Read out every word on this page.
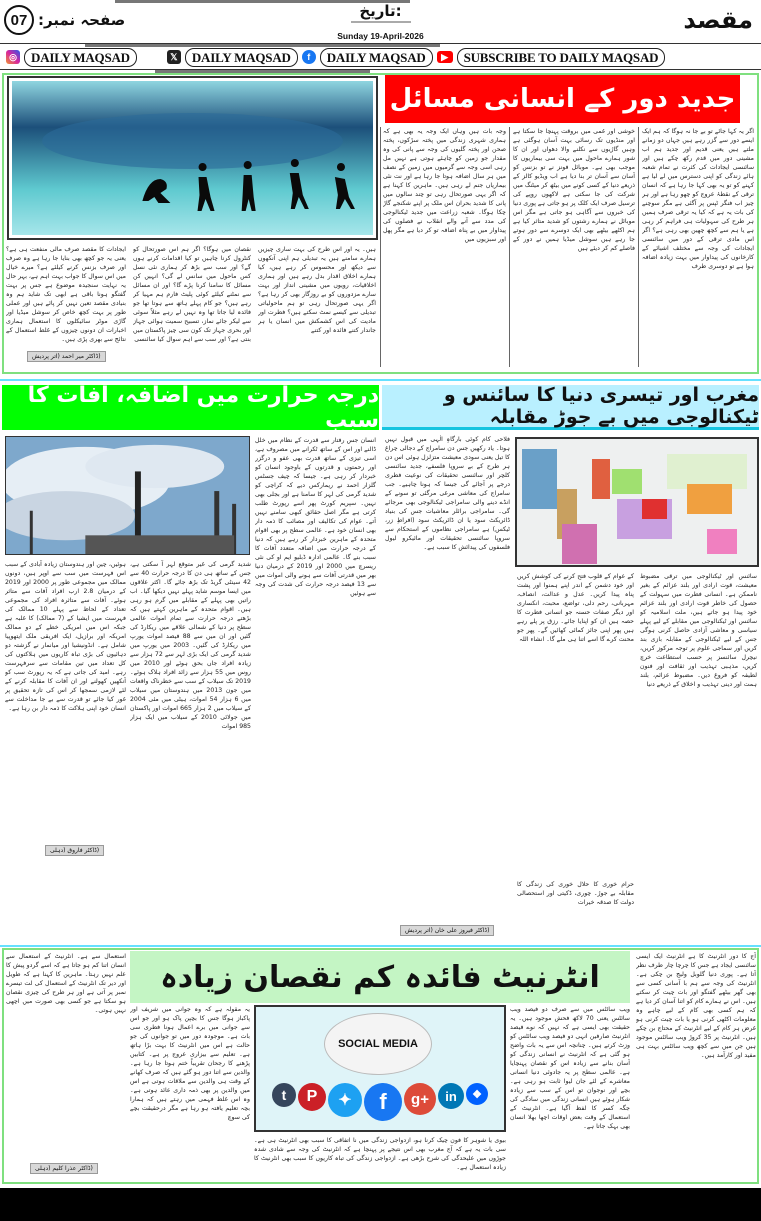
صفحہ نمبر:
07	تاریخ:
Sunday 19-April-2026
مقصد
◎	DAILY MAQSAD	𝕏	DAILY MAQSAD	f	DAILY MAQSAD	▶	SUBSCRIBE TO DAILY MAQSAD
جدید دور کے انسانی مسائل
اگر یہ کہا جائے تو بے جا نہ ہوگا کہ ہم ایک ایسے دور سے گزر رہے ہیں جہاں دو زمانے ملتے ہیں یعنی قدیم اور جدید ہم اب مشینی دور میں قدم رکھ چکے ہیں اور سائنسی ایجادات کی کثرت نے تمام شعبہ ہائے زندگی کو اپنی دسترس میں لے لیا ہے کہنے کو تو یہ بھی کہا جا رہا ہے کہ انسان ترقی کے نقطۂ عروج کو چھو رہا ہے اور ہر چیز اب فنگر ٹپس پر آگئی ہے مگر سوچنے کی بات یہ ہے کہ کیا یہ ترقی صرف ہمیں ہر طرح کی سہولیات ہی فراہم کر رہی ہے یا ہم سے کچھ چھین بھی رہی ہے؟ اگر اس مادی ترقی کے دور میں سائنسی ایجادات کی وجہ سے مختلف اشیائے کے کارخانوں کی پیداوار میں بہت زیادہ اضافہ ہوا ہے تو دوسری طرف
خوشی اور غمی میں بروقت پہنچا جا سکتا ہے اور منڈیوں تک رسائی بہت آسان ہوگئی ہے وہیں گاڑیوں سے نکلنے والا دھواں اور ان کا شور ہمارے ماحول میں بہت سی بیماریوں کا موجب بھی ہے۔ موبائل فونز نے تو بزنس کو آسان سے آسان تر بنا دیا ہے اب ویڈیو کالز کے ذریعے دنیا کے کسی کونے میں بیٹھ کر میٹنگ میں شرکت کی جا سکتی ہے لاکھوں روپے کی ترسیل صرف ایک کلک پر ہو جاتی ہے پوری دنیا کی خبروں سے آگاہی ہو جاتی ہے مگر اس موبائل نے ہمارے رشتوں کو شدید متاثر کیا ہے ہم اکٹھے بیٹھے بھی ایک دوسرے سے دور ہوتے جا رہے ہیں سوشل میڈیا ہمیں نے دور کے فاصلے کم کر دیئے ہیں
وجہ بات ہیں وہاں ایک وجہ یہ بھی ہے کہ ہماری شہری زندگی میں پختہ سڑکوں، پختہ صحن اور پختہ گلیوں کی وجہ سے پانی کی وہ مقدار جو زمین کو چاہئے ہوتی ہے نہیں مل رہی اسی وجہ سے گرمیوں میں زمین کے نصف میں ہر سال اضافہ ہوتا جا رہا ہے اور نت نئی بیماریاں جنم لے رہی ہیں۔ ماہرین کا کہنا ہے کہ اگر یہی صورتحال رہی تو چند سالوں میں پانی کا شدید بحران اس ملک پر اپنے شکنجے گاڑ چکا ہوگا۔ شعبہ زراعت میں جدید ٹیکنالوجی کی مدد سے آنے والے انقلاب نے فصلوں کی پیداوار میں بے پناہ اضافہ تو کر دیا ہے مگر پھل اور سبزیوں میں
ہیں۔ یہ اور اس طرح کی بہت ساری چیزیں ہمارے سامنے ہیں یہ تبدیلی ہم اپنی آنکھوں سے دیکھ اور محسوس کر رہے ہیں، کیا ہمارے اخلاق اقدار بدل رہے ہیں اور ہماری اخلاقیات، رویوں میں مشینی انداز اور بہت سارے مزدوروں کو بے روزگار بھی کر رہا ہے؟ اگر یہی صورتحال رہی تو ہم ماحولیاتی تبدیلی سے کیسے نمٹ سکتے ہیں؟ فطرت اور مادیت کی اس کشمکش میں انسان یا ہر جاندار کتنے فائدہ اور کتنے
نقصان میں ہوگا؟ اگر ہم اس صورتحال کو کنٹرول کرنا چاہیں تو کیا اقدامات کرنے ہوں گے؟ اور سب سے بڑھ کر ہماری نئی نسل کس ماحول میں سانس لے گی؟ انہیں کن مسائل کا سامنا کرنا پڑے گا؟ اور ان مسائل سے نمٹنے کیلئے کوئی پلیٹ فارم ہم مہیا کر رہے ہیں؟ جو کام پہلے ہاتھ سے ہوتا تھا جو فائدہ لیا جاتا تھا وہ نہیں لے رہے مثلاً سوئی سے لیکر جائے نماز، تسبیح سمیت ہوائی جہاز اور بحری جہاز تک کون سی چیز پاکستان میں بنتی ہے؟ اور سب سے اہم سوال کیا سائنسی
ایجادات کا مقصد صرف مالی منفعت ہی ہے؟ یعنی یہ جو کچھ بھی بنایا جا رہا ہے وہ صرف اور صرف بزنس کرنے کیلئے ہے؟ میرے خیال میں اس سوال کا جواب بہت اہم ہے، بہر حال یہ نہایت سنجیدہ موضوع ہے جس پر بہت گفتگو ہونا باقی ہے ابھی تک شاید ہم وہ بنیادی مقصد تعین نہیں کر پائے ہیں اور عملی طور پر بہت کچھ خاص کر سوشل میڈیا اور گاڑی موٹر سائیکلوں کا استعمال ہماری اخبارات ان دونوں چیزوں کے غلط استعمال کے نتائج سے بھری پڑی ہیں۔
(ڈاکٹر میر احمد (اتر پردیش
مغرب اور تیسری دنیا کا سائنس و ٹیکنالوجی میں بے جوڑ مقابلہ
درجہ حرارت میں اضافہ، آفات کا سبب
انسان جس رفتار سے قدرت کے نظام میں خلل ڈالنے اور اس کے ساتھ ٹکرانے میں مصروف ہے، اسی تیزی کے ساتھ قدرت بھی عفو و درگزر اور رحمتوں و قدرتوں کے باوجود انسان کو خبردار کر رہی ہے۔ جیسا کہ چیف جسٹس گلزار احمد نے ریمارکس دیے کہ کراچی کو شدید گرمی کی لہر کا سامنا ہے اور بجلی بھی نہیں۔ سپریم کورٹ پھر اسے رپورٹ طلب کرتی ہے مگر اصل حقائق کبھی سامنے نہیں آتے۔ عوام کی تکالیف اور مصائب کا ذمہ دار بھی انسان خود ہے۔ عالمی سطح پر بھی اقوام متحدہ کے ماہرین خبردار کر رہے ہیں کہ دنیا کے درجہ حرارت میں اضافہ متعدد آفات کا سبب بنے گا۔ عالمی ادارہ ڈبلیو ایم او کی نئی ریسرچ میں 2000 اور 2019 کے درمیان دنیا بھر میں قدرتی آفات سے ہونے والی اموات میں سے 13 فیصد درجہ حرارت کی شدت کی وجہ سے ہوئیں
شدید گرمی کی غیر متوقع لہر آ سکتی ہے، جس کے ساتھ ہی دن کا درجہ حرارت 40 سے 42 سینٹی گریڈ تک بڑھ جائے گا۔ اکثر علاقوں میں ایسا موسم شاید پہلے نہیں دیکھا گیا۔ اب راتیں بھی پہلے کے مقابلے میں گرم ہو رہی ہیں۔ اقوام متحدہ کے ماہرین کہتے ہیں کہ بڑھتے درجہ حرارت سے تمام اموات عالمی سطح پر دنیا کے شمالی علاقے میں ریکارڈ کی گئیں اور ان میں سے 88 فیصد اموات یورپ میں ریکارڈ کی گئیں۔ 2003 میں یورپ میں شدید گرمی کی ایک بڑی لہر سے 72 ہزار سے زیادہ افراد جاں بحق ہوئے اور 2010 میں روس میں 55 ہزار سے زائد افراد ہلاک ہوئے۔ 2019 تک سیلاب کے سب سے خطرناک واقعات میں جون 2013 میں ہندوستان میں سیلاب میں 6 ہزار 54 اموات، ہیٹی میں مئی 2004 کے سیلاب میں 2 ہزار 665 اموات اور پاکستان میں جولائی 2010 کے سیلاب میں ایک ہزار 985 اموات
ہوئیں، چین اور ہندوستان زیادہ آبادی کے سبب اس فہرست میں سب سے اوپر ہیں، دونوں ممالک میں مجموعی طور پر 2000 اور 2019 کے درمیان 2.8 ارب افراد آفات سے متاثر ہوئے۔ آفات سے متاثرہ افراد کی مجموعی تعداد کے لحاظ سے پہلے 10 ممالک کی فہرست میں ایشیا کے (7 ممالک) کا غلبہ ہے جبکہ اس میں امریکی خطے کے دو ممالک امریکہ اور برازیل، ایک افریقی ملک ایتھوپیا شامل ہے۔ انڈونیشیا اور میانمار نے گزشتہ دو دہائیوں کی بڑی تباہ کاریوں میں ہلاکتوں کی کل تعداد میں تین مقامات سے سرفہرست رہے۔ امید کی جاتی ہے کہ یہ رپورٹ سب کو آنکھیں کھولنے اور ان آفات کا مقابلہ کرنے کے لئے لازمی سمجھا کر اس کی تازہ تحقیق پر غور کیا جائے تو قدرت سے بے جا مداخلت سے انسان خود اپنی ہلاکت کا ذمہ دار بن رہا ہے۔
(ڈاکٹر فاروق (دہلی
فلاحی کام کوئی بارگاہِ الٰہی میں قبول نہیں ہوتا۔ یاد رکھیں جس دن سامراج کے دجالی چراغ کا تیل یعنی سودی معیشت متزلزل ہوئی اس دن ہر طرح کے بے سروپا فلسفے، جدید سائنسی کلچر اور سائنسی تحقیقات کی نوعیت فطری درجے پر آجائے گی جیسا کہ ہونا چاہیے۔ جب سامراج کی معاشی مرغی مرگئی تو سونے کے انڈے دینے والی سامراجی ٹیکنالوجی بھی مرجائے گی۔ سامراجی برائلر معاشیات جس کی بنیاد ڈائریکٹ سود یا ان ڈائریکٹ سود (افراطِ زر، ٹیکس) ہے سامراجی نظاموں کے استحکام سے سروپا سائنسی تحقیقات اور مائیکرو لیول فلسفوں کی پیدائش کا سبب ہے۔
سائنس اور ٹیکنالوجی میں ترقی مضبوط معیشت، قوت ارادی اور بلند عزائم کے بغیر ناممکن ہے۔ انسانی فطرت میں سہولت کے حصول کی خاطر قوت ارادی اور بلند عزائم خود پیدا ہو جاتے ہیں، ملت اسلامیہ کو سائنس اور ٹیکنالوجی میں مقابلے کے لیے پہلے سیاسی و معاشی آزادی حاصل کرنی ہوگی جس کے لیے ٹیکنالوجی کے مقابلہ بازی بند کریں اور سماجی علوم پر توجہ مرکوز کریں، نیچرل سائنسز پر حسب استطاعت خرچ کریں، مذہبی تہذیب اور ثقافت اور فنون لطیفہ کو فروغ دیں۔ مضبوط عزائم، بلند ہمت اور دینی تہذیب و اخلاق کے ذریعے دنیا
کے عوام کے قلوب فتح کرنے کی کوشش کریں اور خود دشمن کے اندر اپنے ہمنوا اور پشت پناہ پیدا کریں۔ عدل و عدالت، انصاف، مہربانی، رحم دلی، تواضع، محبت، انکساری اور دیگر صفات حسنہ جو انسانی فطرت کا حصہ ہیں ان کو اپنایا جائے۔ رزق پر پلے رہے ہیں پھر اپنی جائز کمائی کھائیں گے۔ پھر جو محنت کرے گا اسے اتنا ہی ملے گا۔ انشاء اللہ
حرام خوری کا حلال خوری کی زندگی کا مقابلہ بے جوڑ۔ چوری، ڈکیتی اور استحصالی دولت کا صدقہ خیرات
(ڈاکٹر فیروز علی خان (اتر پردیش
انٹرنیٹ فائدہ کم نقصان زیادہ
SOCIAL MEDIA
t	P	✦	f	g+	in	❖
آج کا دور انٹرنیٹ کا ہے انٹرنیٹ ایک ایسی سائنسی ایجاد ہے جس کا چرچا چار طرف نظر آتا ہے۔ پوری دنیا گلوبل ولیج بن چکی ہے۔ انٹرنیٹ کی وجہ سے ہم با آسانی کسی سے بھی گھر بیٹھے گفتگو اور بات چیت کر سکتے ہیں۔ اس نے ہمارے کام کو اتنا آسان کر دیا ہے کہ ہم کسی بھی کام کے لیے چاہے وہ معلومات اکٹھی کرنی ہو یا بات چیت کرنی ہو غرض ہر کام کے لیے انٹرنیٹ کے محتاج بن چکے ہیں۔ انٹرنیٹ پر 35 کروڑ ویب سائٹس موجود ہیں جن میں سے کچھ ویب سائٹس بہت ہی مفید اور کارآمد ہیں۔
ویب سائٹس میں سے صرف دو فیصد ویب سائٹس یعنی 70 لاکھ فحش موجود ہیں۔ یہ حقیقت بھی ایسی ہے کہ نہیں کہ نوے فیصد انٹرنیٹ صارفین انہی دو فیصد ویب سائٹس کو وزٹ کرتے ہیں۔ چنانچہ اس سے یہ بات واضح ہو گئی ہے کہ انٹرنیٹ نے انسانی زندگی کو آسان بنانے سے زیادہ اس کو نقصان پہنچایا ہے۔ عالمی سطح پر یہ جادوئی دنیا انسانی معاشرے کے لئے جان لیوا ثابت ہو رہی ہے۔ بچے اور نوجوان تو اس کے سب سے زیادہ شکار ہوئے ہیں انسانی زندگی میں سادگی کی جگہ کسر کا لفظ آگیا ہے۔ انٹرنیٹ کے استعمال کے وقت بعض اوقات اچھا بھلا انسان بھی بہک جاتا ہے۔
یہ مقولہ ہے کہ وہ جوانی میں شریف اور پاکباز ہوگا جس کا بچپن پاک ہو اور جو اس سے جوانی میں برے اعمال ہونا فطری سی بات ہے۔ موجودہ دور میں تو جوانوں کی جو حالت ہے اس میں انٹرنیٹ کا بہت بڑا ہاتھ ہے۔ تعلیم سے بیزاری عروج پر ہے۔ کتابیں پڑھنے کا رجحان تقریباً ختم ہوتا جا رہا ہے۔ والدین سے اتنا دور ہو گئے ہیں کہ صرف کھانے کے وقت ہی والدین سے ملاقات ہوتی ہے اس میں والدین پر بھی ذمہ داری عائد ہوتی ہے۔ وہ اس غلط فہمی میں رہتے ہیں کہ ہمارا بچہ تعلیم یافتہ ہو رہا ہے مگر درحقیقت بچے کی سوچ
بیوی یا شوہر کا فون چیک کرنا ہو، ازدواجی زندگی میں نا اتفاقی کا سبب بھی انٹرنیٹ ہی ہے۔ سی بات یہ ہے کہ آج مغرب بھی اس نتیجے پر پہنچا ہے کہ انٹرنیٹ کی وجہ سے شادی شدہ جوڑوں میں علیحدگی کی شرح بڑھی ہے۔ ازدواجی زندگی کی تباہ کاریوں کا سبب بھی انٹرنیٹ کا زیادہ استعمال ہے۔
استعمال سے ہے۔ انٹرنیٹ کے استعمال سے انسان اتنا کم ہو جاتا ہے کہ اسے گردو پیش کا علم نہیں رہتا۔ ماہرین کا کہنا ہے کہ طویل اور دیر تک انٹرنیٹ کے استعمال کی لت تیسرے نمبر پر آتی ہے اور ہر طرح کی چیزی نقصان ہو سکتا ہے جو کسی بھی صورت میں اچھی نہیں ہوتی۔
(ڈاکٹر عذرا کلیم (دہلی
